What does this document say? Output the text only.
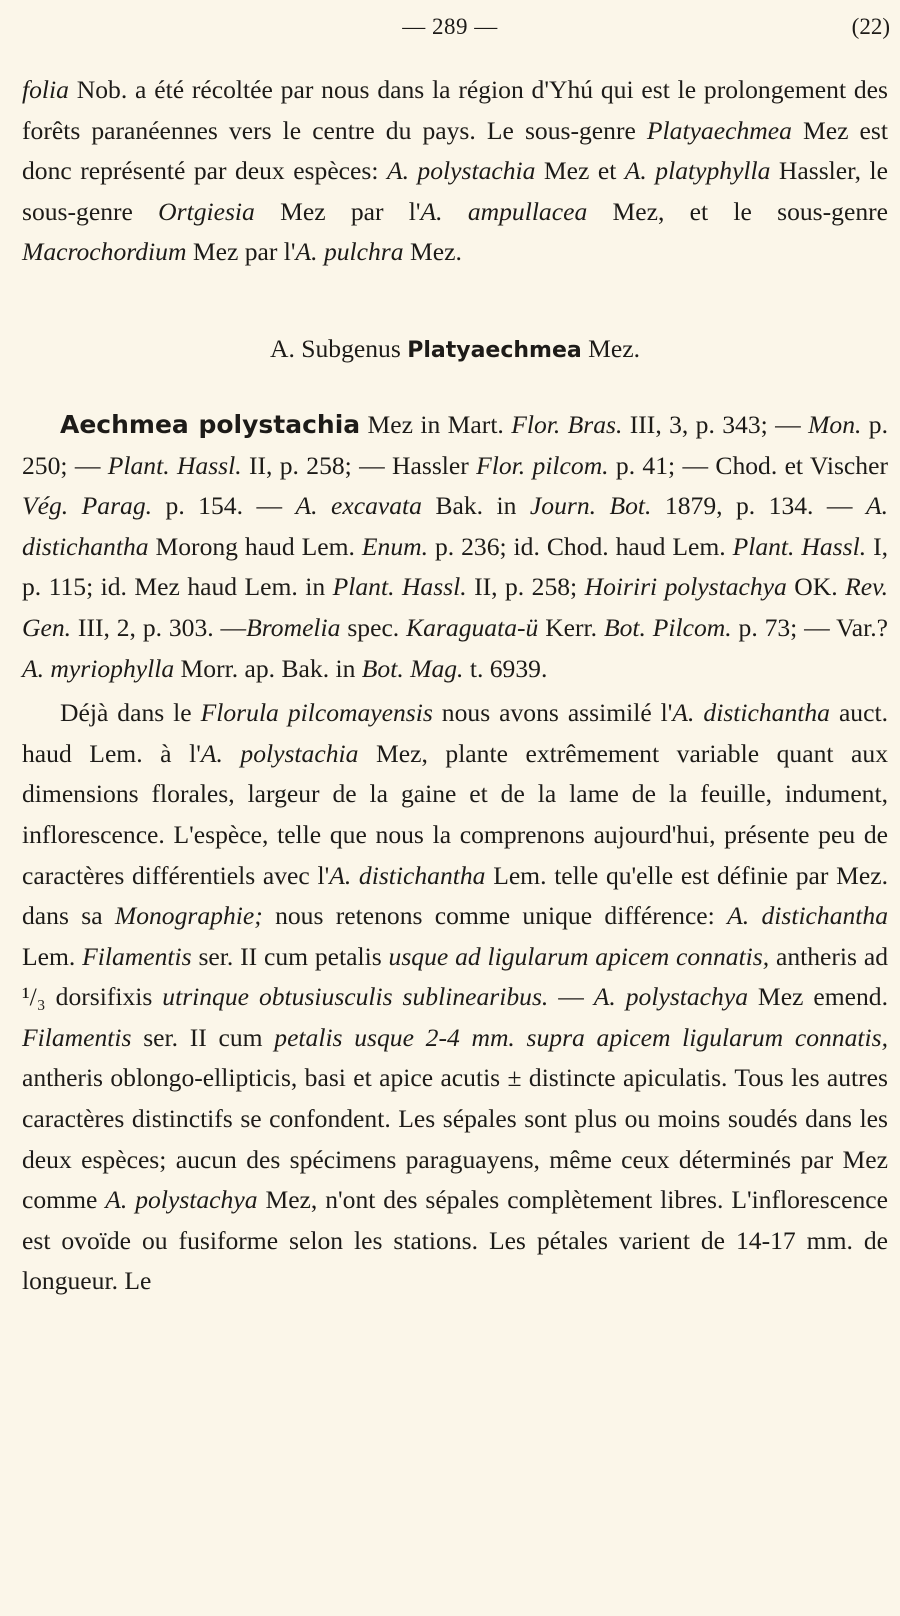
— 289 —	(22)

folia Nob. a été récoltée par nous dans la région d'Yhú qui est le prolongement des forêts paranéennes vers le centre du pays. Le sous-genre Platyaechmea Mez est donc représenté par deux espèces: A. polystachia Mez et A. platyphylla Hassler, le sous-genre Ortgiesia Mez par l'A. ampullacea Mez, et le sous-genre Macrochordium Mez par l'A. pulchra Mez.

A. Subgenus Platyaechmea Mez.

Aechmea polystachia Mez in Mart. Flor. Bras. III, 3, p. 343; — Mon. p. 250; — Plant. Hassl. II, p. 258; — Hassler Flor. pilcom. p. 41; — Chod. et Vischer Vég. Parag. p. 154. — A. excavata Bak. in Journ. Bot. 1879, p. 134. — A. distichantha Morong haud Lem. Enum. p. 236; id. Chod. haud Lem. Plant. Hassl. I, p. 115; id. Mez haud Lem. in Plant. Hassl. II, p. 258; Hoiriri polystachya OK. Rev. Gen. III, 2, p. 303. —Bromelia spec. Karaguata-ü Kerr. Bot. Pilcom. p. 73; — Var.? A. myriophylla Morr. ap. Bak. in Bot. Mag. t. 6939.

Déjà dans le Florula pilcomayensis nous avons assimilé l'A. distichantha auct. haud Lem. à l'A. polystachia Mez, plante extrêmement variable quant aux dimensions florales, largeur de la gaine et de la lame de la feuille, indument, inflorescence. L'espèce, telle que nous la comprenons aujourd'hui, présente peu de caractères différentiels avec l'A. distichantha Lem. telle qu'elle est définie par Mez. dans sa Monographie; nous retenons comme unique différence: A. distichantha Lem. Filamentis ser. II cum petalis usque ad ligularum apicem connatis, antheris ad ¹/₃ dorsifixis utrinque obtusiusculis sublinearibus. — A. polystachya Mez emend. Filamentis ser. II cum petalis usque 2-4 mm. supra apicem ligularum connatis, antheris oblongo-ellipticis, basi et apice acutis ± distincte apiculatis. Tous les autres caractères distinctifs se confondent. Les sépales sont plus ou moins soudés dans les deux espèces; aucun des spécimens paraguayens, même ceux déterminés par Mez comme A. polystachya Mez, n'ont des sépales complètement libres. L'inflorescence est ovoïde ou fusiforme selon les stations. Les pétales varient de 14-17 mm. de longueur. Le
